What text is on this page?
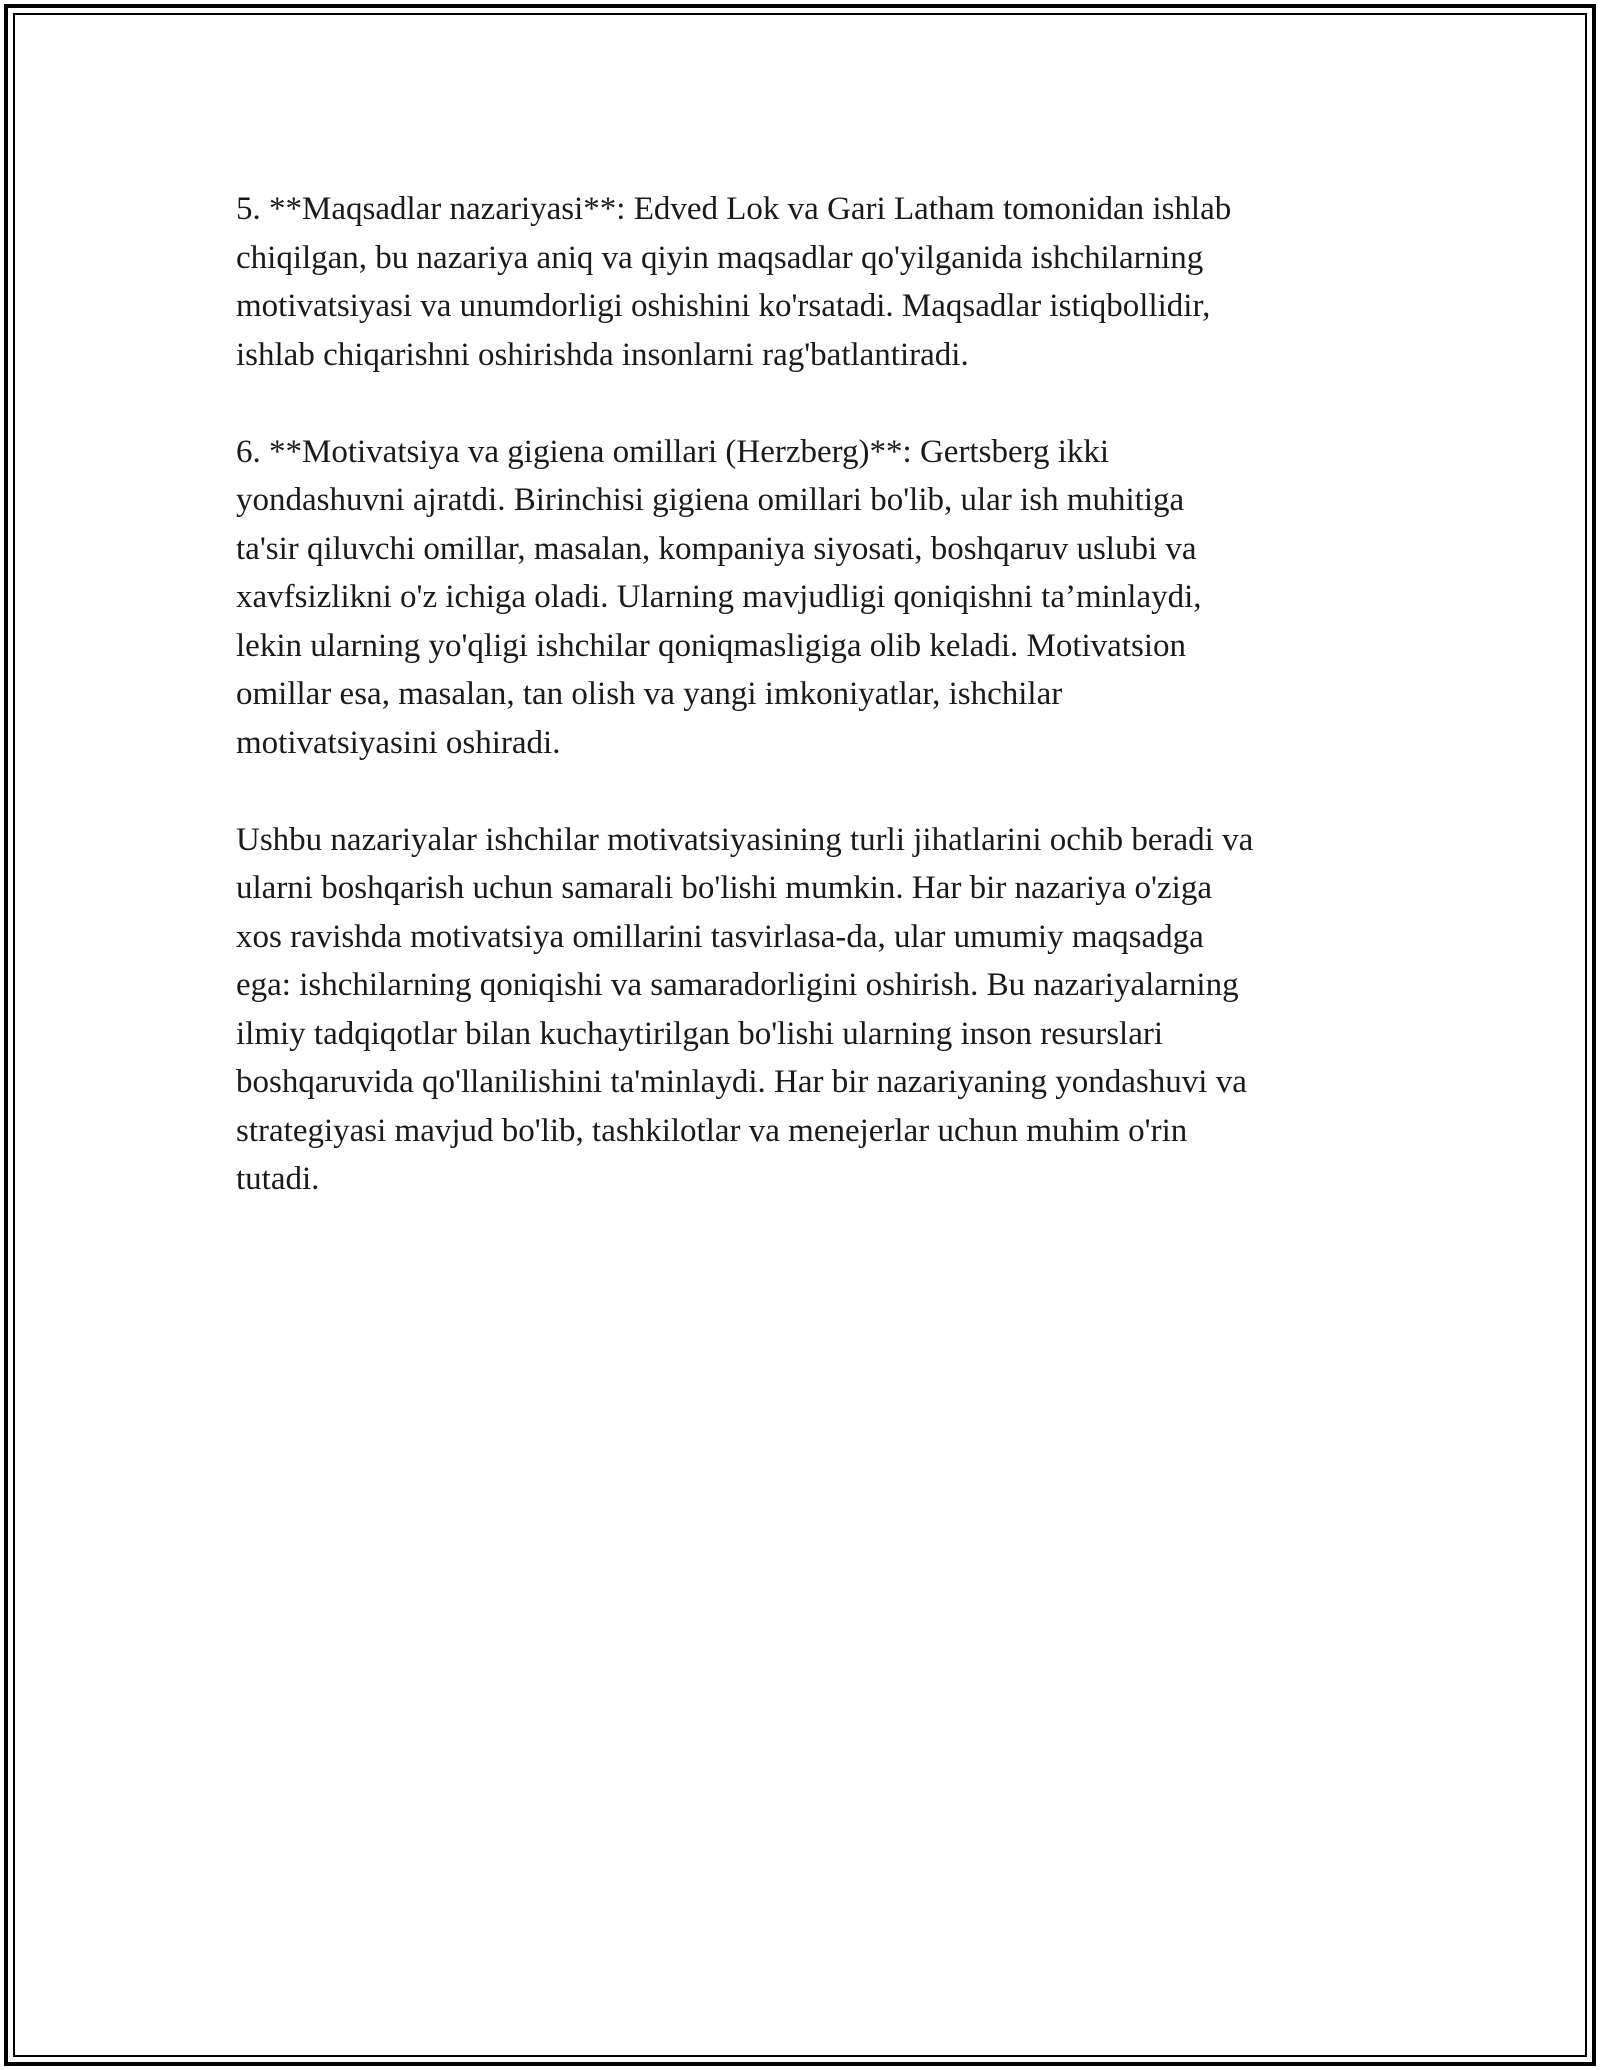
5. **Maqsadlar nazariyasi**: Edved Lok va Gari Latham tomonidan ishlab
chiqilgan, bu nazariya aniq va qiyin maqsadlar qo'yilganida ishchilarning
motivatsiyasi va unumdorligi oshishini ko'rsatadi. Maqsadlar istiqbollidir,
ishlab chiqarishni oshirishda insonlarni rag'batlantiradi.

6. **Motivatsiya va gigiena omillari (Herzberg)**: Gertsberg ikki
yondashuvni ajratdi. Birinchisi gigiena omillari bo'lib, ular ish muhitiga
ta'sir qiluvchi omillar, masalan, kompaniya siyosati, boshqaruv uslubi va
xavfsizlikni o'z ichiga oladi. Ularning mavjudligi qoniqishni ta’minlaydi,
lekin ularning yo'qligi ishchilar qoniqmasligiga olib keladi. Motivatsion
omillar esa, masalan, tan olish va yangi imkoniyatlar, ishchilar
motivatsiyasini oshiradi.

Ushbu nazariyalar ishchilar motivatsiyasining turli jihatlarini ochib beradi va
ularni boshqarish uchun samarali bo'lishi mumkin. Har bir nazariya o'ziga
xos ravishda motivatsiya omillarini tasvirlasa-da, ular umumiy maqsadga
ega: ishchilarning qoniqishi va samaradorligini oshirish. Bu nazariyalarning
ilmiy tadqiqotlar bilan kuchaytirilgan bo'lishi ularning inson resurslari
boshqaruvida qo'llanilishini ta'minlaydi. Har bir nazariyaning yondashuvi va
strategiyasi mavjud bo'lib, tashkilotlar va menejerlar uchun muhim o'rin
tutadi.
